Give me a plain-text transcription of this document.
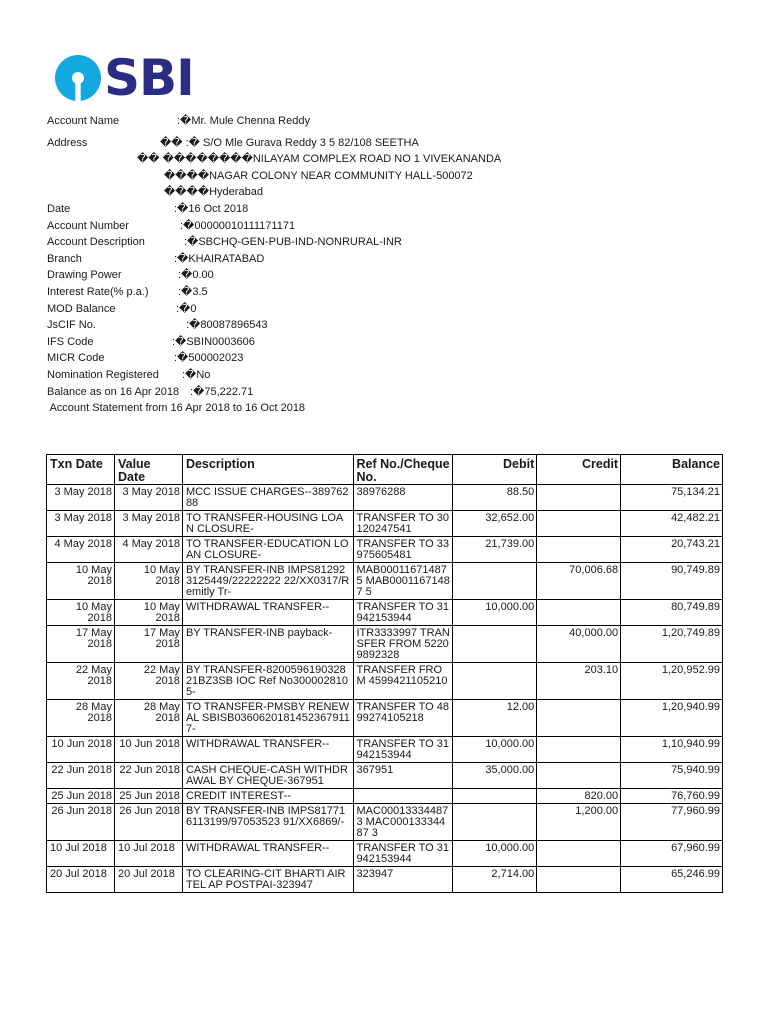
SBI
Account Name	:�Mr. Mule Chenna Reddy
Address	�� :� S/O Mle Gurava Reddy 3 5 82/108 SEETHA
�� ��������NILAYAM COMPLEX ROAD NO 1 VIVEKANANDA
����NAGAR COLONY NEAR COMMUNITY HALL-500072
����Hyderabad
Date	:�16 Oct 2018
Account Number	:�00000010111171171
Account Description	:�SBCHQ-GEN-PUB-IND-NONRURAL-INR
Branch	:�KHAIRATABAD
Drawing Power	:�0.00
Interest Rate(% p.a.)	:�3.5
MOD Balance	:�0
JsCIF No.	:�80087896543
IFS Code	:�SBIN0003606
MICR Code	:�500002023
Nomination Registered :�No
Balance as on 16 Apr 2018 :�75,222.71
Account Statement from 16 Apr 2018 to 16 Oct 2018
Txn Date	Value Date	Description	Ref No./Cheque No.	Debit	Credit	Balance
3 May 2018	3 May 2018	MCC ISSUE CHARGES--38976288	38976288	88.50		75,134.21
3 May 2018	3 May 2018	TO TRANSFER-HOUSING LOAN CLOSURE-	TRANSFER TO 30120247541	32,652.00		42,482.21
4 May 2018	4 May 2018	TO TRANSFER-EDUCATION LOAN CLOSURE-	TRANSFER TO 33975605481	21,739.00		20,743.21
10 May 2018	10 May 2018	BY TRANSFER-INB IMPS812923125449/22222222 22/XX0317/Remitly Tr-	MAB00011671487 5 MAB00011671487 5		70,006.68	90,749.89
10 May 2018	10 May 2018	WITHDRAWAL TRANSFER--	TRANSFER TO 31942153944	10,000.00		80,749.89
17 May 2018	17 May 2018	BY TRANSFER-INB payback-	ITR3333997 TRANSFER FROM 52209892328		40,000.00	1,20,749.89
22 May 2018	22 May 2018	BY TRANSFER-8200596190328 21BZ3SB IOC Ref No3000028105-	TRANSFER FROM 4599421105210		203.10	1,20,952.99
28 May 2018	28 May 2018	TO TRANSFER-PMSBY RENEWAL SBISB03606201814523679117-	TRANSFER TO 4899274105218	12.00		1,20,940.99
10 Jun 2018	10 Jun 2018	WITHDRAWAL TRANSFER--	TRANSFER TO 31942153944	10,000.00		1,10,940.99
22 Jun 2018	22 Jun 2018	CASH CHEQUE-CASH WITHDRAWAL BY CHEQUE-367951	367951	35,000.00		75,940.99
25 Jun 2018	25 Jun 2018	CREDIT INTEREST--			820.00	76,760.99
26 Jun 2018	26 Jun 2018	BY TRANSFER-INB IMPS817716113199/97053523 91/XX6869/-	MAC00013334487 3 MAC00013334487 3		1,200.00	77,960.99
10 Jul 2018	10 Jul 2018	WITHDRAWAL TRANSFER--	TRANSFER TO 31942153944	10,000.00		67,960.99
20 Jul 2018	20 Jul 2018	TO CLEARING-CIT BHARTI AIRTEL AP POSTPAI-323947	323947	2,714.00		65,246.99
